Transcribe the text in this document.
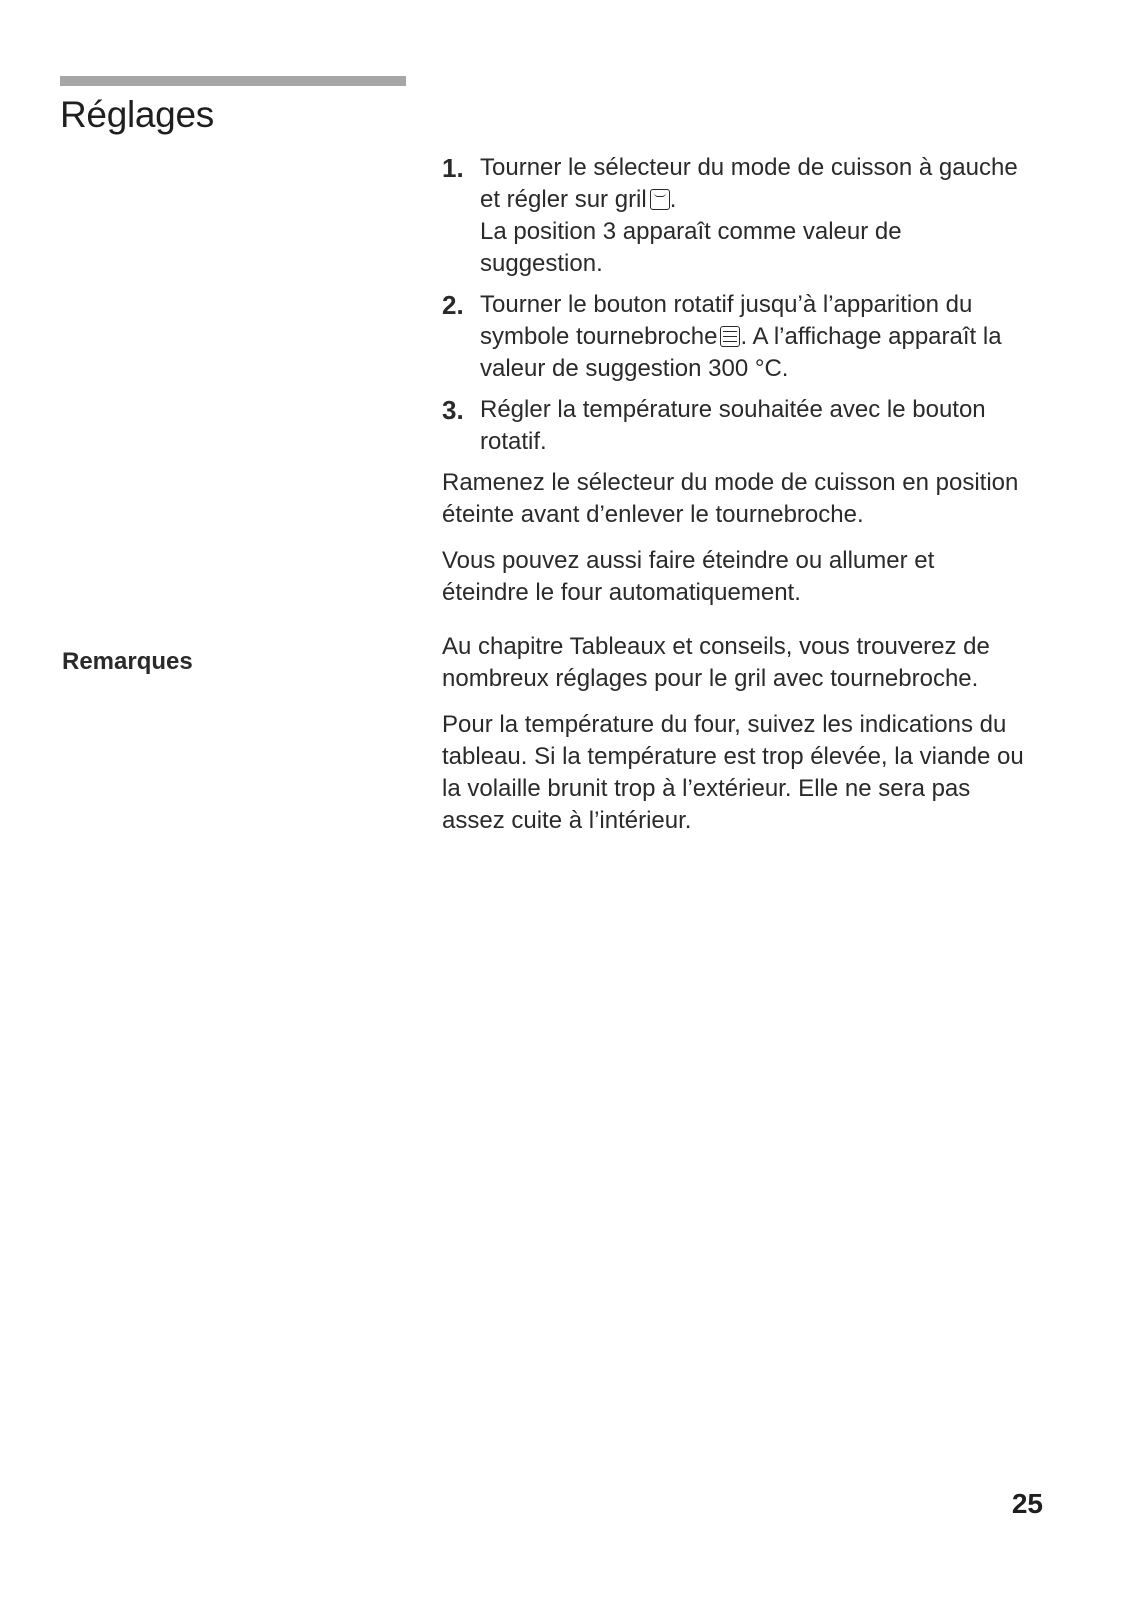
Réglages
Remarques
1. Tourner le sélecteur du mode de cuisson à gauche
et régler sur gril .
La position 3 apparaît comme valeur de
suggestion.
2. Tourner le bouton rotatif jusqu’à l’apparition du
symbole tournebroche . A l’affichage apparaît la
valeur de suggestion 300 °C.
3. Régler la température souhaitée avec le bouton
rotatif.
Ramenez le sélecteur du mode de cuisson en position
éteinte avant d’enlever le tournebroche.
Vous pouvez aussi faire éteindre ou allumer et
éteindre le four automatiquement.
Au chapitre Tableaux et conseils, vous trouverez de
nombreux réglages pour le gril avec tournebroche.
Pour la température du four, suivez les indications du
tableau. Si la température est trop élevée, la viande ou
la volaille brunit trop à l’extérieur. Elle ne sera pas
assez cuite à l’intérieur.
25
